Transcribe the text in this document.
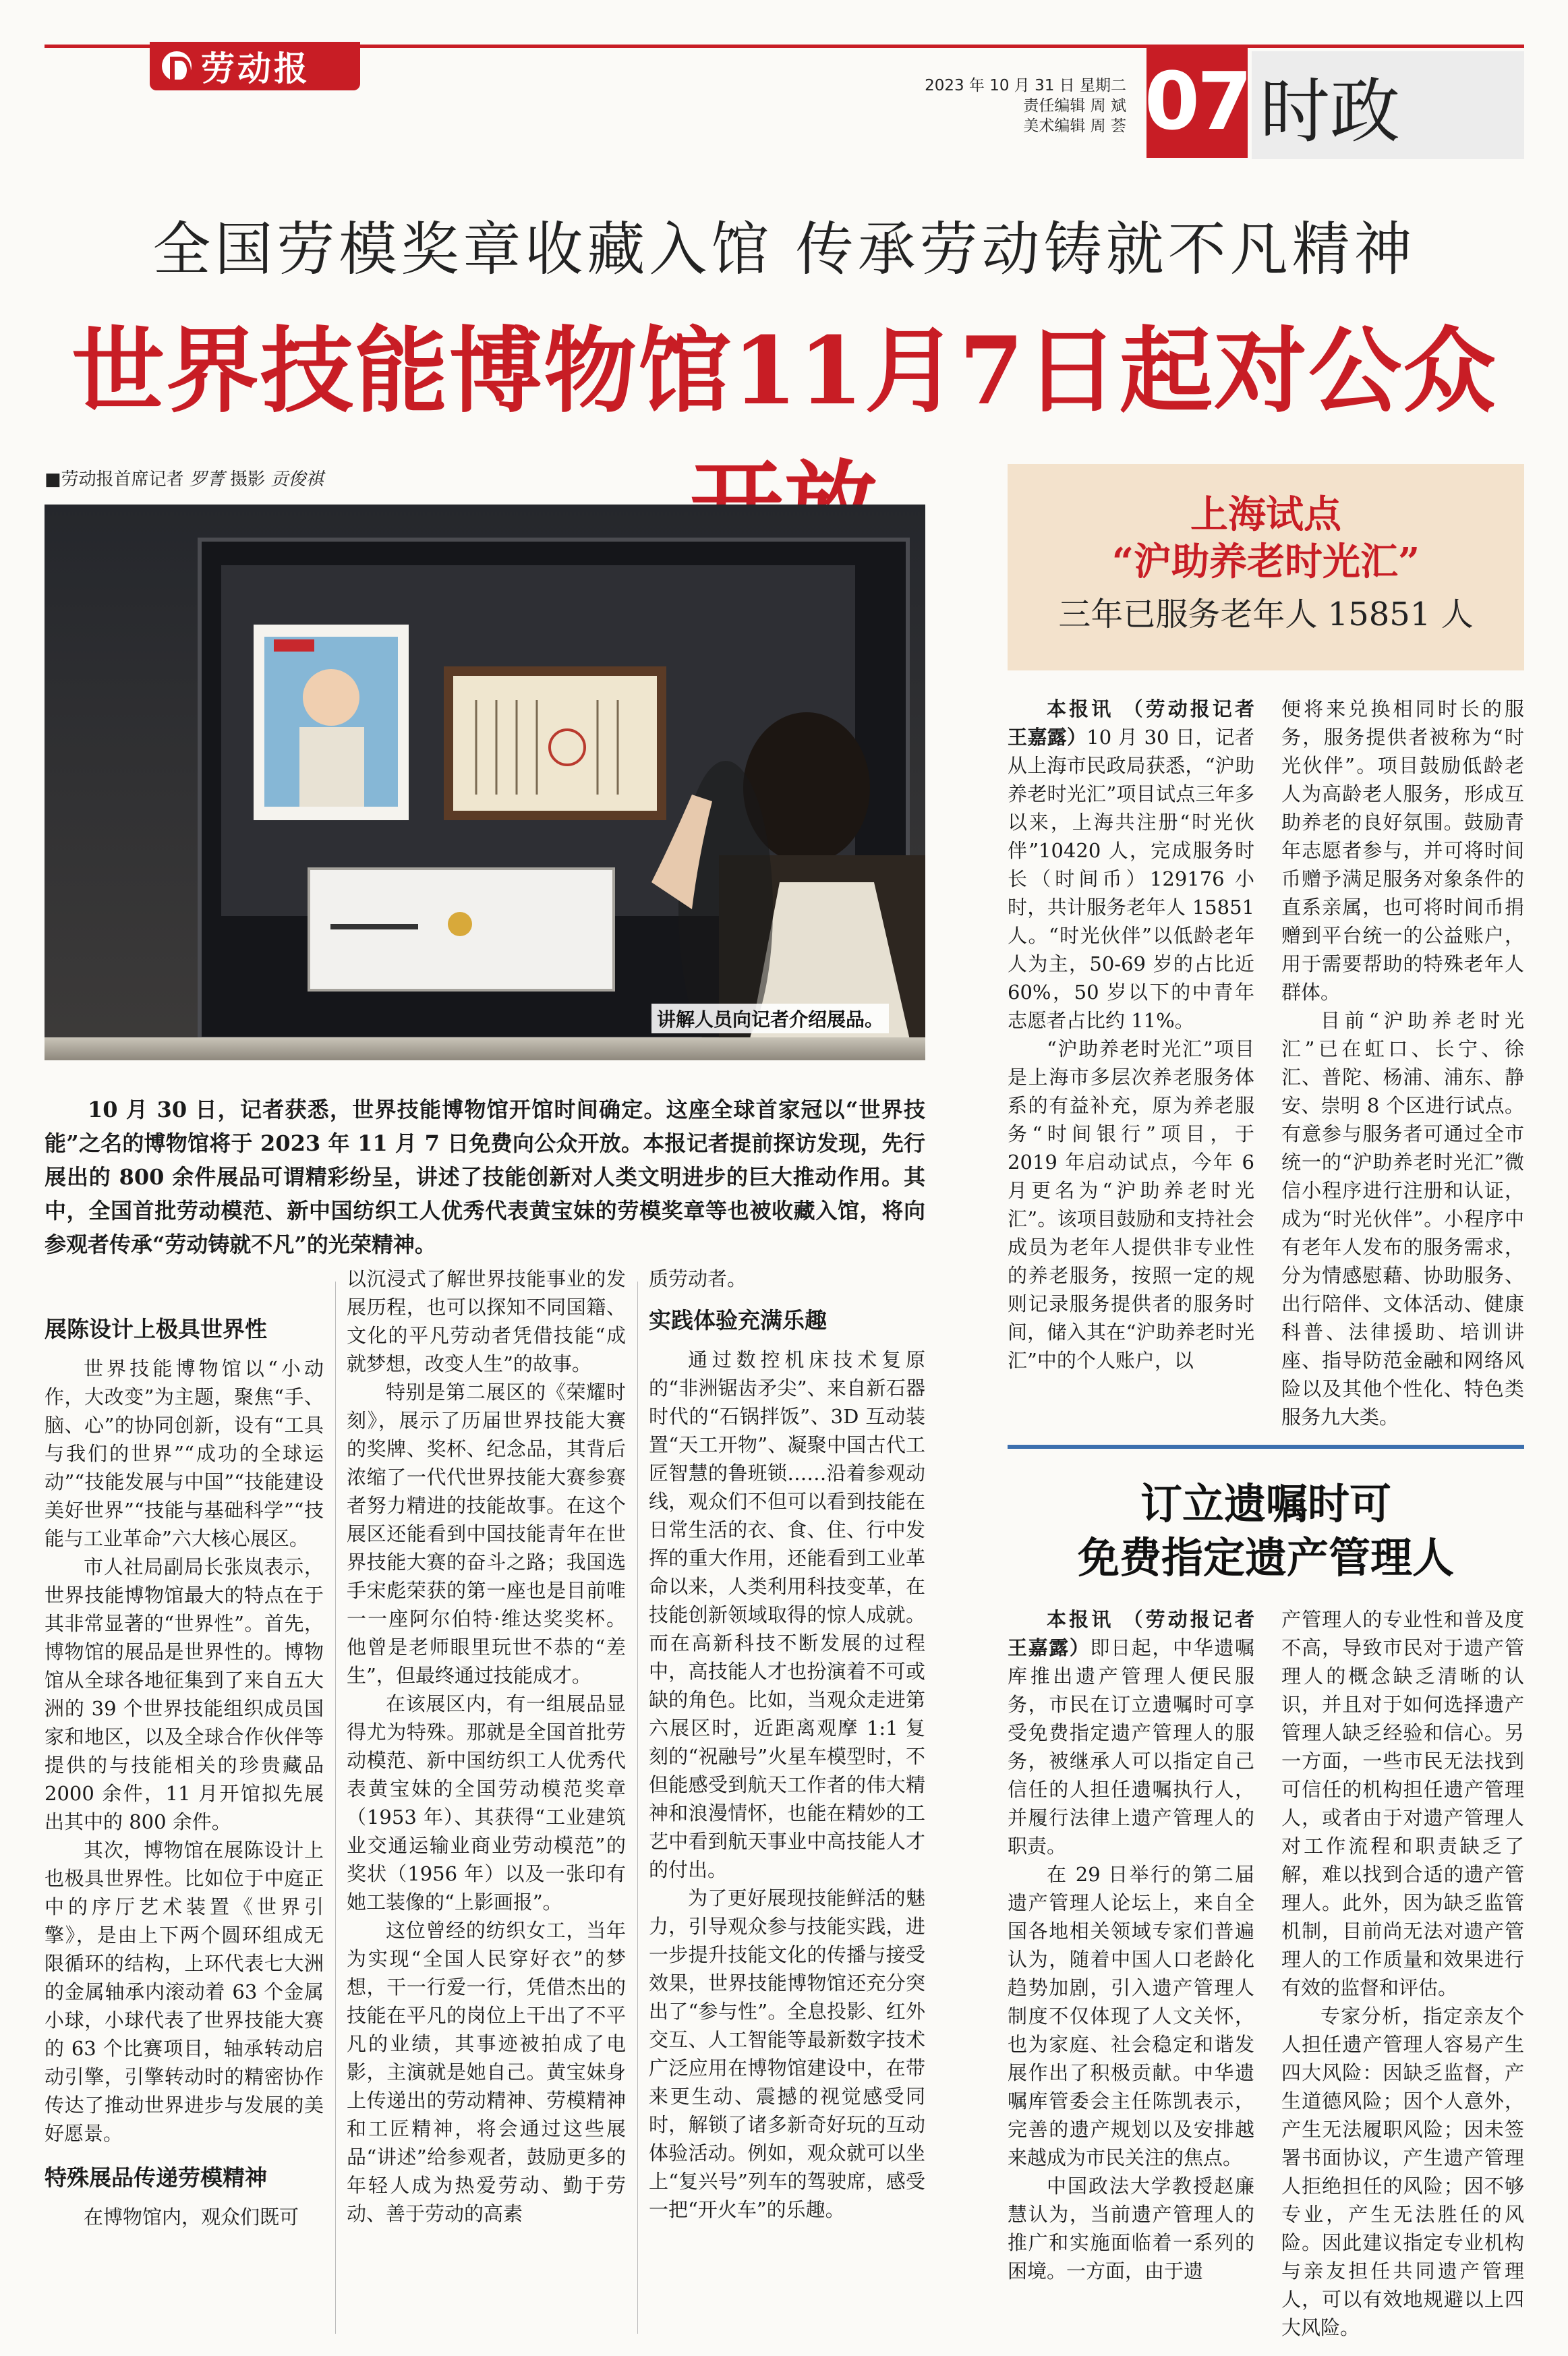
劳动报	2023 年 10 月 31 日 星期二
责任编辑 周 斌
美术编辑 周 荟 07 时政
全国劳模奖章收藏入馆 传承劳动铸就不凡精神
世界技能博物馆11月7日起对公众
■劳动报首席记者 罗菁 摄影 贡俊祺
讲解人员向记者介绍展品。
10 月 30 日，记者获悉，世界技能博物馆开馆时间确定。这座全球首家冠以“世界技能”之名的博物馆将于 2023 年 11 月 7 日免费向公众开放。本报记者提前探访发现，先行展出的 800 余件展品可谓精彩纷呈，讲述了技能创新对人类文明进步的巨大推动作用。其中，全国首批劳动模范、新中国纺织工人优秀代表黄宝妹的劳模奖章等也被收藏入馆，将向参观者传承“劳动铸就不凡”的光荣精神。
展陈设计上极具世界性

世界技能博物馆以“小动作，大改变”为主题，聚焦“手、脑、心”的协同创新，设有“工具与我们的世界”“成功的全球运动”“技能发展与中国”“技能建设美好世界”“技能与基础科学”“技能与工业革命”六大核心展区。

市人社局副局长张岚表示，世界技能博物馆最大的特点在于其非常显著的“世界性”。首先，博物馆的展品是世界性的。博物馆从全球各地征集到了来自五大洲的 39 个世界技能组织成员国家和地区，以及全球合作伙伴等提供的与技能相关的珍贵藏品 2000 余件，11 月开馆拟先展出其中的 800 余件。

其次，博物馆在展陈设计上也极具世界性。比如位于中庭正中的序厅艺术装置《世界引擎》，是由上下两个圆环组成无限循环的结构，上环代表七大洲的金属轴承内滚动着 63 个金属小球，小球代表了世界技能大赛的 63 个比赛项目，轴承转动启动引擎，引擎转动时的精密协作传达了推动世界进步与发展的美好愿景。

特殊展品传递劳模精神

在博物馆内，观众们既可

以沉浸式了解世界技能事业的发展历程，也可以探知不同国籍、文化的平凡劳动者凭借技能“成就梦想，改变人生”的故事。

特别是第二展区的《荣耀时刻》，展示了历届世界技能大赛的奖牌、奖杯、纪念品，其背后浓缩了一代代世界技能大赛参赛者努力精进的技能故事。在这个展区还能看到中国技能青年在世界技能大赛的奋斗之路；我国选手宋彪荣获的第一座也是目前唯一一座阿尔伯特·维达奖奖杯。他曾是老师眼里玩世不恭的“差生”，但最终通过技能成才。

在该展区内，有一组展品显得尤为特殊。那就是全国首批劳动模范、新中国纺织工人优秀代表黄宝妹的全国劳动模范奖章（1953 年）、其获得“工业建筑业交通运输业商业劳动模范”的奖状（1956 年）以及一张印有她工装像的“上影画报”。

这位曾经的纺织女工，当年为实现“全国人民穿好衣”的梦想，干一行爱一行，凭借杰出的技能在平凡的岗位上干出了不平凡的业绩，其事迹被拍成了电影，主演就是她自己。黄宝妹身上传递出的劳动精神、劳模精神和工匠精神，将会通过这些展品“讲述”给参观者，鼓励更多的年轻人成为热爱劳动、勤于劳动、善于劳动的高素

质劳动者。

实践体验充满乐趣

通过数控机床技术复原的“非洲锯齿矛尖”、来自新石器时代的“石锅拌饭”、3D 互动装置“天工开物”、凝聚中国古代工匠智慧的鲁班锁……沿着参观动线，观众们不但可以看到技能在日常生活的衣、食、住、行中发挥的重大作用，还能看到工业革命以来，人类利用科技变革，在技能创新领域取得的惊人成就。而在高新科技不断发展的过程中，高技能人才也扮演着不可或缺的角色。比如，当观众走进第六展区时，近距离观摩 1:1 复刻的“祝融号”火星车模型时，不但能感受到航天工作者的伟大精神和浪漫情怀，也能在精妙的工艺中看到航天事业中高技能人才的付出。

为了更好展现技能鲜活的魅力，引导观众参与技能实践，进一步提升技能文化的传播与接受效果，世界技能博物馆还充分突出了“参与性”。全息投影、红外交互、人工智能等最新数字技术广泛应用在博物馆建设中，在带来更生动、震撼的视觉感受同时，解锁了诸多新奇好玩的互动体验活动。例如，观众就可以坐上“复兴号”列车的驾驶席，感受一把“开火车”的乐趣。

上海试点
“沪助养老时光汇”
三年已服务老年人 15851 人

本报讯 （劳动报记者 王嘉露）10 月 30 日，记者从上海市民政局获悉，“沪助养老时光汇”项目试点三年多以来，上海共注册“时光伙伴”10420 人，完成服务时长（时间币）129176 小时，共计服务老年人 15851 人。“时光伙伴”以低龄老年人为主，50-69 岁的占比近 60%，50 岁以下的中青年志愿者占比约 11%。

“沪助养老时光汇”项目是上海市多层次养老服务体系的有益补充，原为养老服务“时间银行”项目，于 2019 年启动试点，今年 6 月更名为“沪助养老时光汇”。该项目鼓励和支持社会成员为老年人提供非专业性的养老服务，按照一定的规则记录服务提供者的服务时间，储入其在“沪助养老时光汇”中的个人账户，以

便将来兑换相同时长的服务，服务提供者被称为“时光伙伴”。项目鼓励低龄老人为高龄老人服务，形成互助养老的良好氛围。鼓励青年志愿者参与，并可将时间币赠予满足服务对象条件的直系亲属，也可将时间币捐赠到平台统一的公益账户，用于需要帮助的特殊老年人群体。

目前“沪助养老时光汇”已在虹口、长宁、徐汇、普陀、杨浦、浦东、静安、崇明 8 个区进行试点。有意参与服务者可通过全市统一的“沪助养老时光汇”微信小程序进行注册和认证，成为“时光伙伴”。小程序中有老年人发布的服务需求，分为情感慰藉、协助服务、出行陪伴、文体活动、健康科普、法律援助、培训讲座、指导防范金融和网络风险以及其他个性化、特色类服务九大类。

订立遗嘱时可
免费指定遗产管理人

本报讯 （劳动报记者 王嘉露）即日起，中华遗嘱库推出遗产管理人便民服务，市民在订立遗嘱时可享受免费指定遗产管理人的服务，被继承人可以指定自己信任的人担任遗嘱执行人，并履行法律上遗产管理人的职责。

在 29 日举行的第二届遗产管理人论坛上，来自全国各地相关领域专家们普遍认为，随着中国人口老龄化趋势加剧，引入遗产管理人制度不仅体现了人文关怀，也为家庭、社会稳定和谐发展作出了积极贡献。中华遗嘱库管委会主任陈凯表示，完善的遗产规划以及安排越来越成为市民关注的焦点。

中国政法大学教授赵廉慧认为，当前遗产管理人的推广和实施面临着一系列的困境。一方面，由于遗

产管理人的专业性和普及度不高，导致市民对于遗产管理人的概念缺乏清晰的认识，并且对于如何选择遗产管理人缺乏经验和信心。另一方面，一些市民无法找到可信任的机构担任遗产管理人，或者由于对遗产管理人对工作流程和职责缺乏了解，难以找到合适的遗产管理人。此外，因为缺乏监管机制，目前尚无法对遗产管理人的工作质量和效果进行有效的监督和评估。

专家分析，指定亲友个人担任遗产管理人容易产生四大风险：因缺乏监督，产生道德风险；因个人意外，产生无法履职风险；因未签署书面协议，产生遗产管理人拒绝担任的风险；因不够专业，产生无法胜任的风险。因此建议指定专业机构与亲友担任共同遗产管理人，可以有效地规避以上四大风险。
